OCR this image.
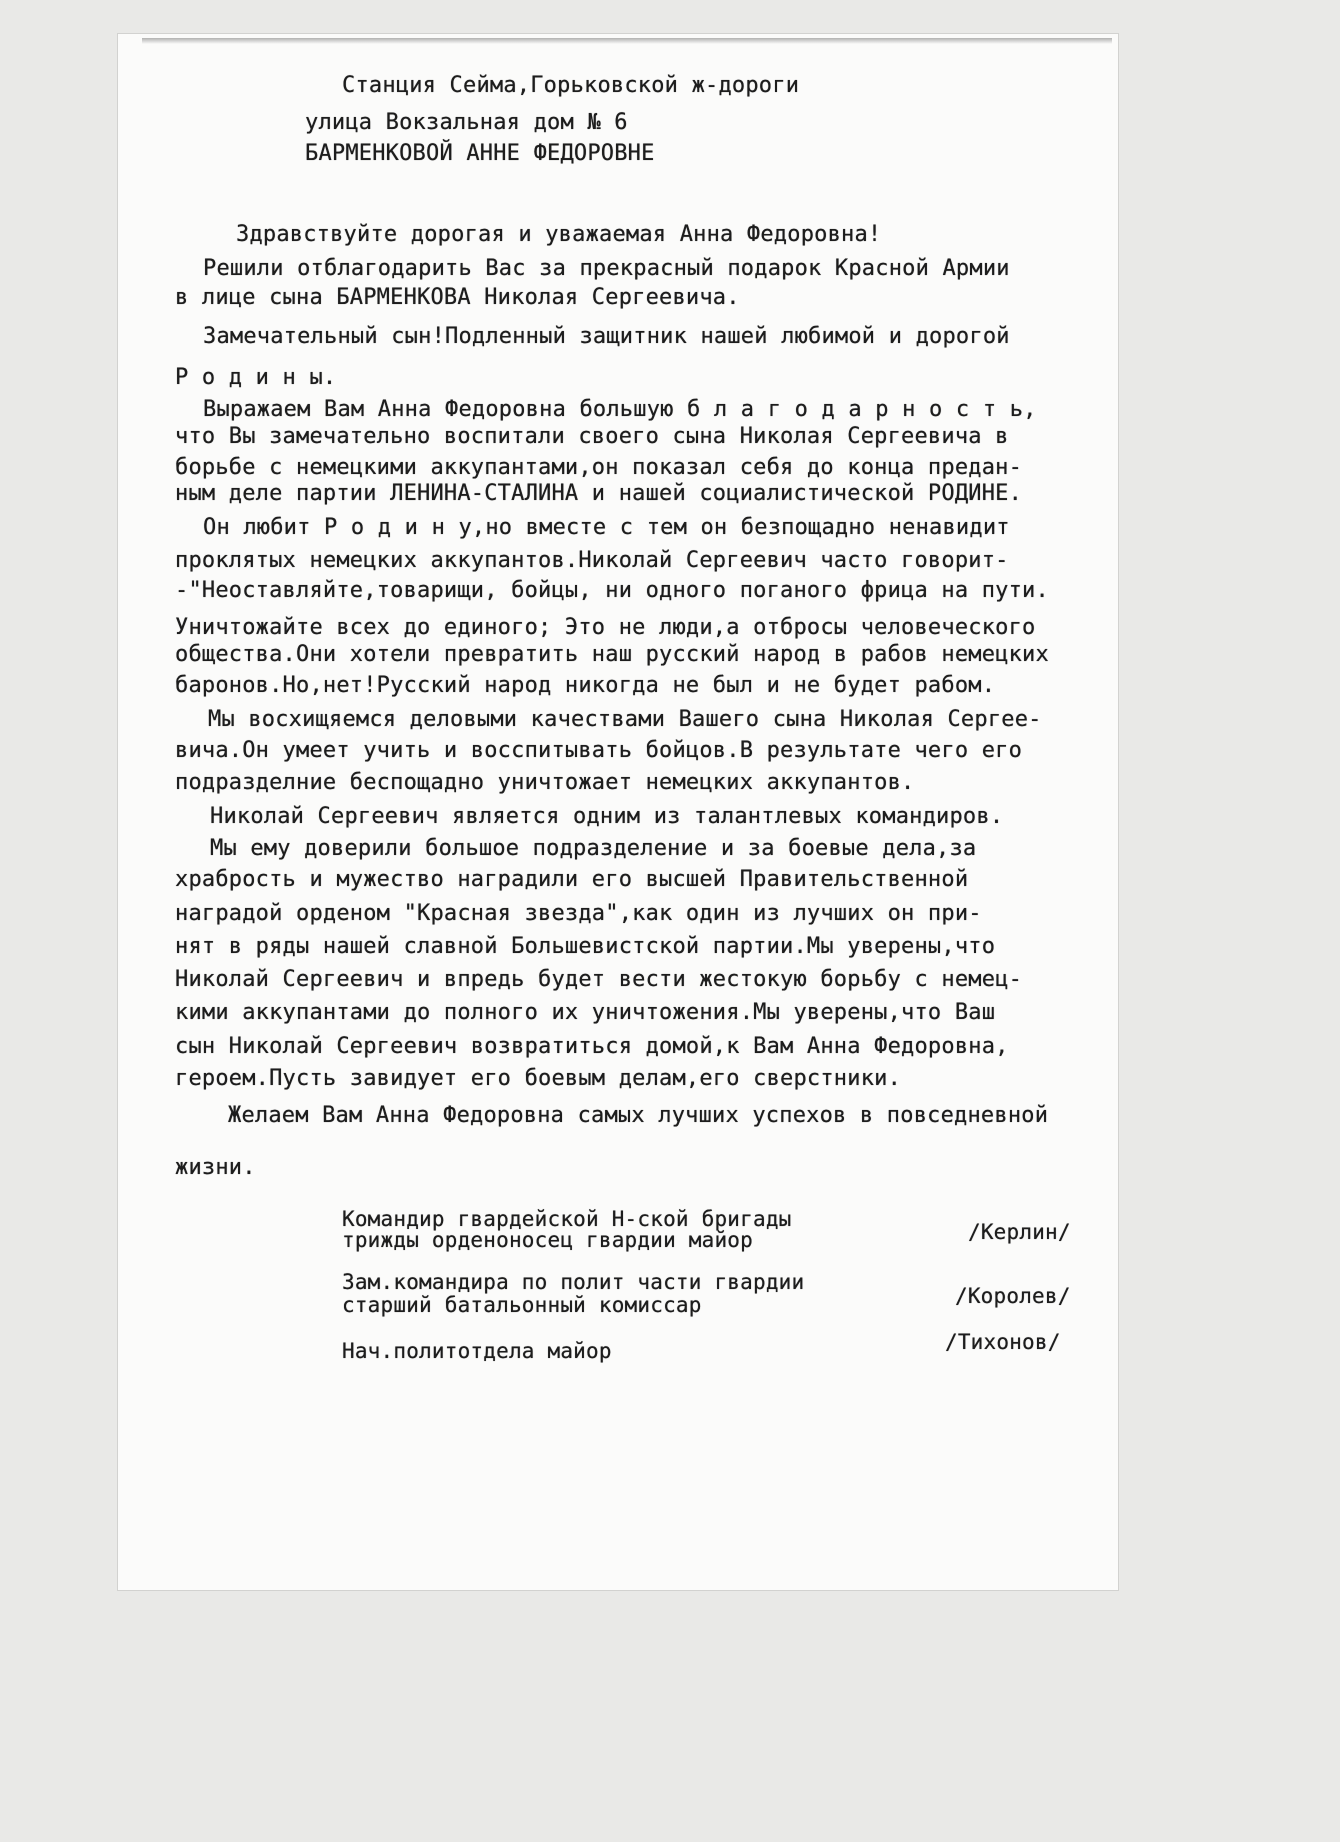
Станция Сейма,Горьковской ж-дороги
улица Вокзальная дом № 6
БАРМЕНКОВОЙ АННЕ ФЕДОРОВНЕ
Здравствуйте дорогая и уважаемая Анна Федоровна!
Решили отблагодарить Вас за прекрасный подарок Красной Армии
в лице сына БАРМЕНКОВА Николая Сергеевича.
Замечательный сын!Подленный защитник нашей любимой и дорогой
Р о д и н ы.
Выражаем Вам Анна Федоровна большую б л а г о д а р н о с т ь,
что Вы замечательно воспитали своего сына Николая Сергеевича в
борьбе с немецкими аккупантами,он показал себя до конца предан-
ным деле партии ЛЕНИНА-СТАЛИНА и нашей социалистической РОДИНЕ.
Он любит Р о д и н у,но вместе с тем он безпощадно ненавидит
проклятых немецких аккупантов.Николай Сергеевич часто говорит-
-"Неоставляйте,товарищи, бойцы, ни одного поганого фрица на пути.
Уничтожайте всех до единого; Это не люди,а отбросы человеческого
общества.Они хотели превратить наш русский народ в рабов немецких
баронов.Но,нет!Русский народ никогда не был и не будет рабом.
Мы восхищяемся деловыми качествами Вашего сына Николая Сергее-
вича.Он умеет учить и восспитывать бойцов.В результате чего его
подразделние беспощадно уничтожает немецких аккупантов.
Николай Сергеевич является одним из талантлевых командиров.
Мы ему доверили большое подразделение и за боевые дела,за
храбрость и мужество наградили его высшей Правительственной
наградой орденом "Красная звезда",как один из лучших он при-
нят в ряды нашей славной Большевистской партии.Мы уверены,что
Николай Сергеевич и впредь будет вести жестокую борьбу с немец-
кими аккупантами до полного их уничтожения.Мы уверены,что Ваш
сын Николай Сергеевич возвратиться домой,к Вам Анна Федоровна,
героем.Пусть завидует его боевым делам,его сверстники.
Желаем Вам Анна Федоровна самых лучших успехов в повседневной
жизни.
Командир гвардейской Н-ской бригады
трижды орденоносец гвардии майор	/Керлин/
Зам.командира по полит части гвардии
старший батальонный комиссар	/Королев/
Нач.политотдела майор	/Тихонов/
